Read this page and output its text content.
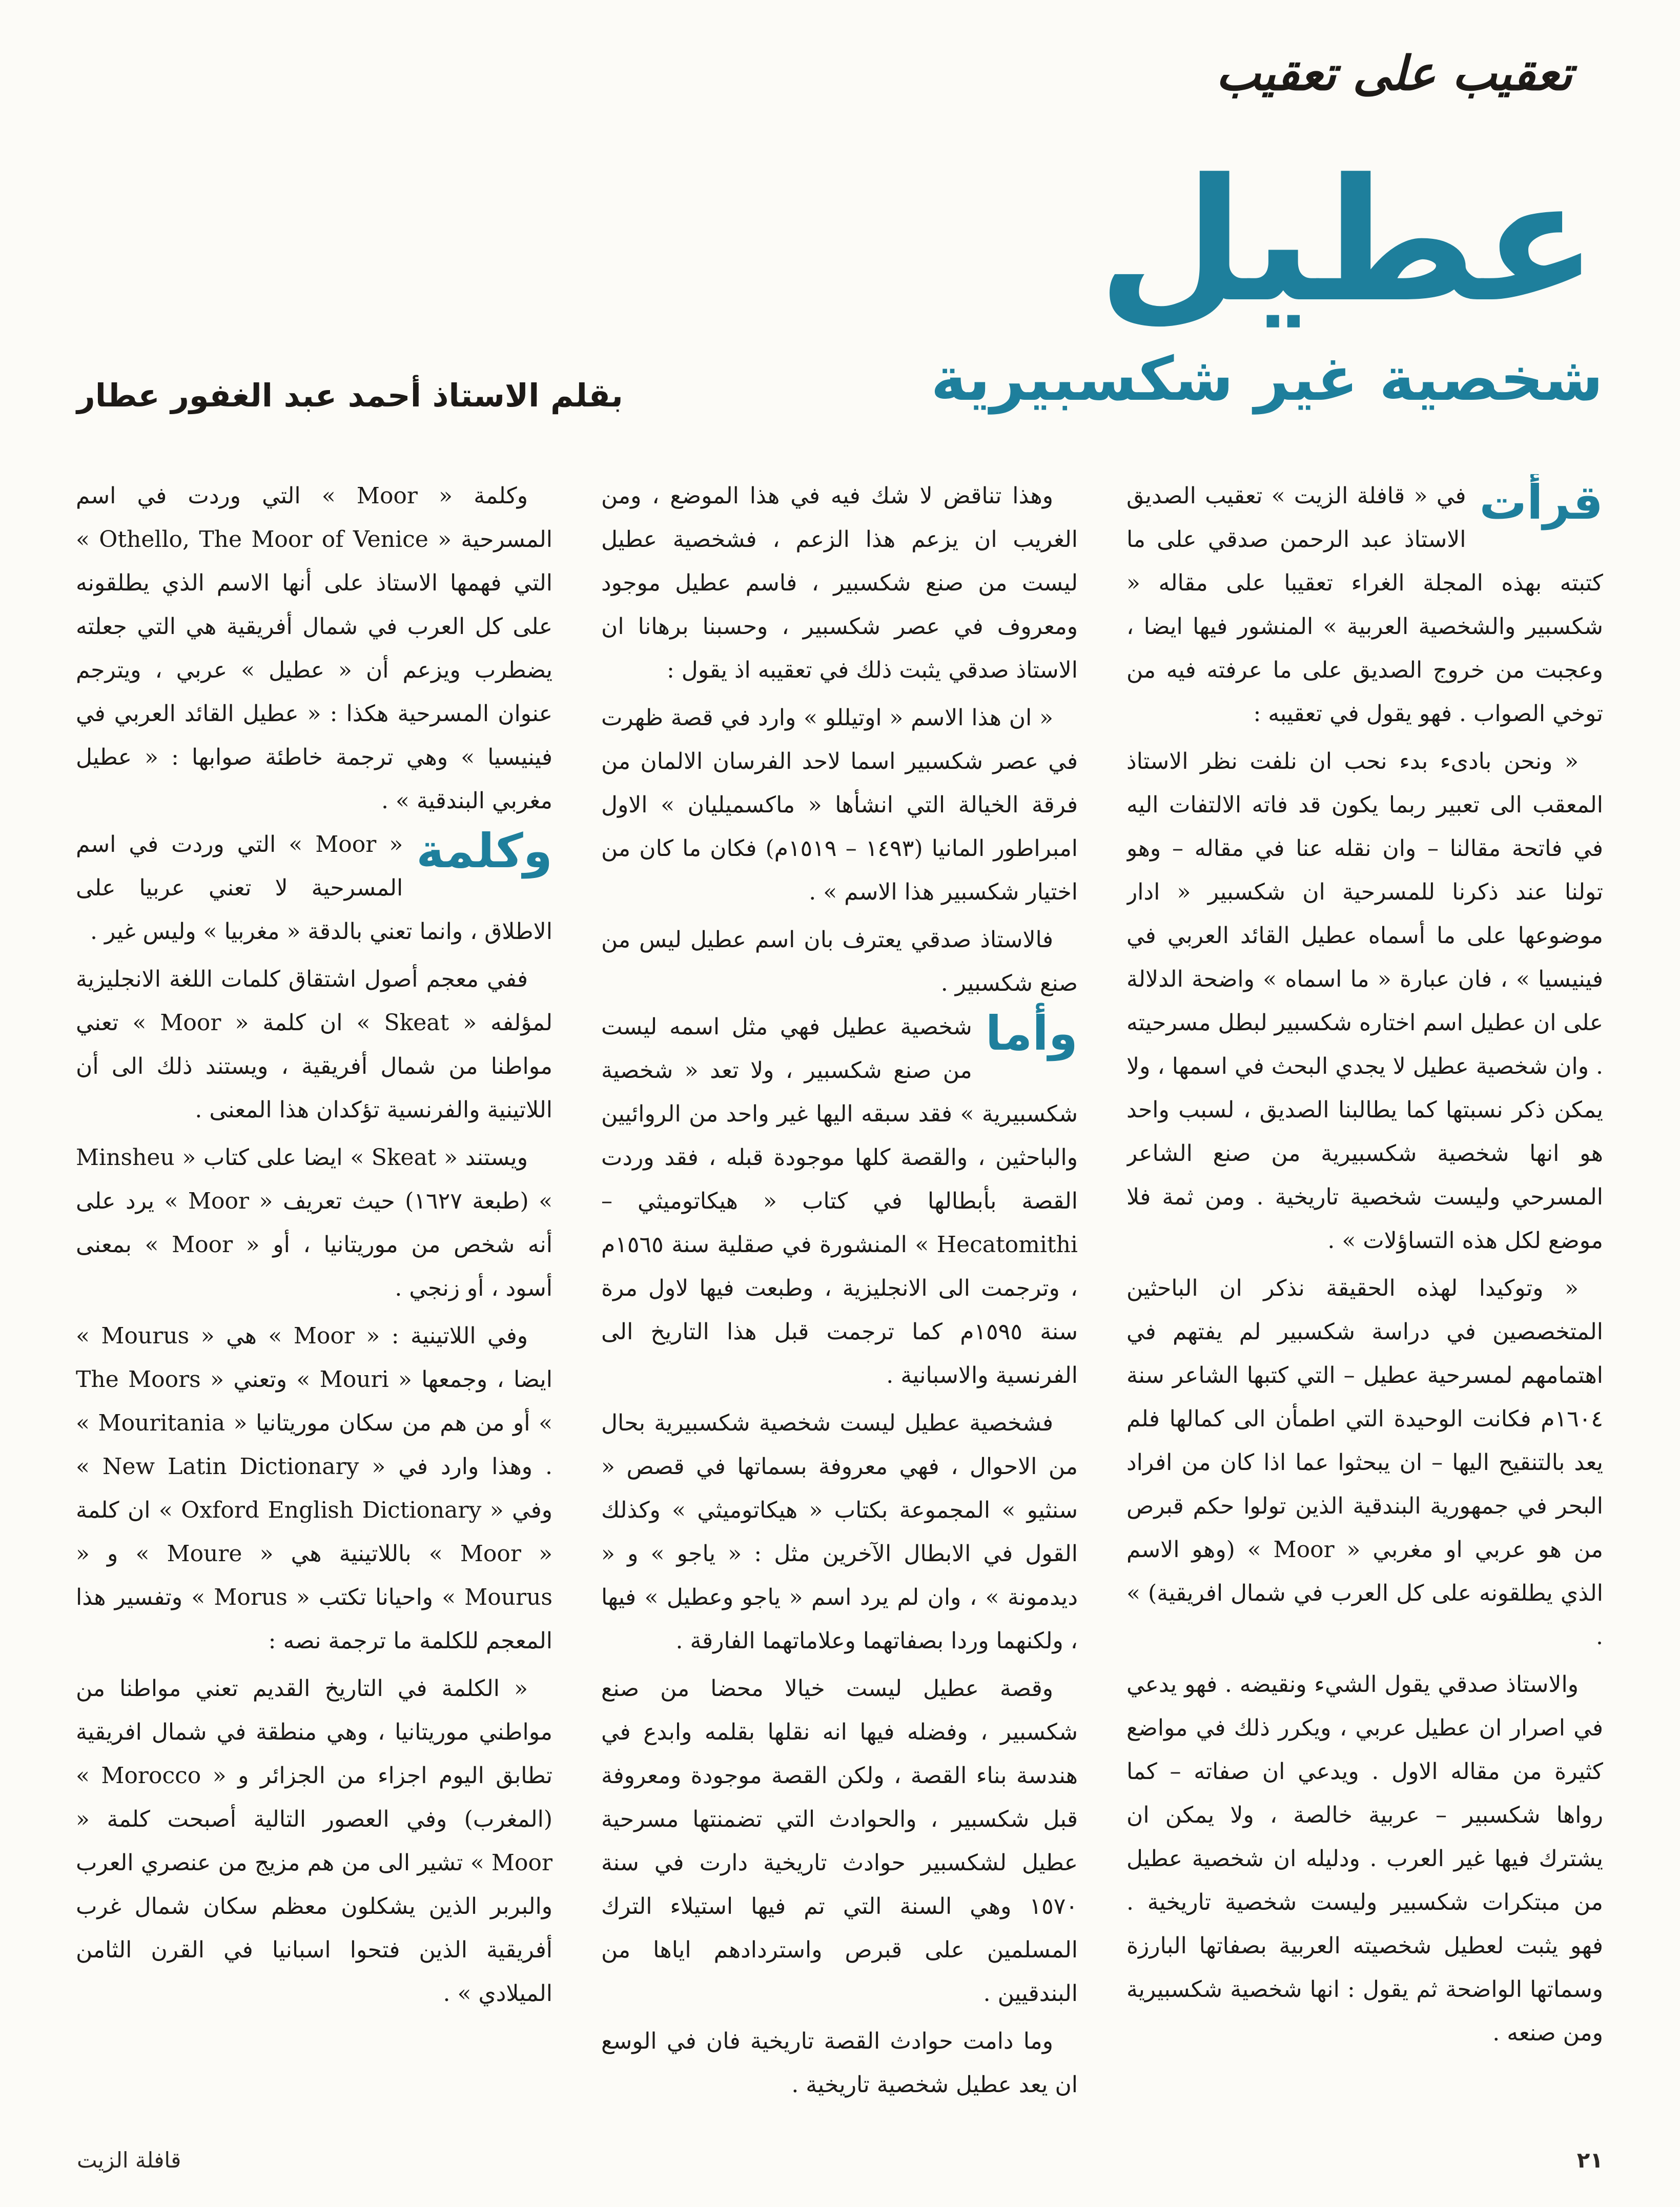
تعقيب على تعقيب
عطيل
شخصية غير شكسبيرية
بقلم الاستاذ أحمد عبد الغفور عطار
قرأت

في « قافلة الزيت » تعقيب الصديق الاستاذ عبد الرحمن صدقي على ما كتبته بهذه المجلة الغراء تعقيبا على مقاله « شكسبير والشخصية العربية » المنشور فيها ايضا ، وعجبت من خروج الصديق على ما عرفته فيه من توخي الصواب . فهو يقول في تعقيبه :

« ونحن بادىء بدء نحب ان نلفت نظر الاستاذ المعقب الى تعبير ربما يكون قد فاته الالتفات اليه في فاتحة مقالنا – وان نقله عنا في مقاله – وهو تولنا عند ذكرنا للمسرحية ان شكسبير « ادار موضوعها على ما أسماه عطيل القائد العربي في فينيسيا » ، فان عبارة « ما اسماه » واضحة الدلالة على ان عطيل اسم اختاره شكسبير لبطل مسرحيته . وان شخصية عطيل لا يجدي البحث في اسمها ، ولا يمكن ذكر نسبتها كما يطالبنا الصديق ، لسبب واحد هو انها شخصية شكسبيرية من صنع الشاعر المسرحي وليست شخصية تاريخية . ومن ثمة فلا موضع لكل هذه التساؤلات » .

« وتوكيدا لهذه الحقيقة نذكر ان الباحثين المتخصصين في دراسة شكسبير لم يفتهم في اهتمامهم لمسرحية عطيل – التي كتبها الشاعر سنة ١٦٠٤م فكانت الوحيدة التي اطمأن الى كمالها فلم يعد بالتنقيح اليها – ان يبحثوا عما اذا كان من افراد البحر في جمهورية البندقية الذين تولوا حكم قبرص من هو عربي او مغربي « Moor » (وهو الاسم الذي يطلقونه على كل العرب في شمال افريقية) » .

والاستاذ صدقي يقول الشيء ونقيضه . فهو يدعي في اصرار ان عطيل عربي ، ويكرر ذلك في مواضع كثيرة من مقاله الاول . ويدعي ان صفاته – كما رواها شكسبير – عربية خالصة ، ولا يمكن ان يشترك فيها غير العرب . ودليله ان شخصية عطيل من مبتكرات شكسبير وليست شخصية تاريخية . فهو يثبت لعطيل شخصيته العربية بصفاتها البارزة وسماتها الواضحة ثم يقول : انها شخصية شكسبيرية ومن صنعه .

وهذا تناقض لا شك فيه في هذا الموضع ، ومن الغريب ان يزعم هذا الزعم ، فشخصية عطيل ليست من صنع شكسبير ، فاسم عطيل موجود ومعروف في عصر شكسبير ، وحسبنا برهانا ان الاستاذ صدقي يثبت ذلك في تعقيبه اذ يقول :

« ان هذا الاسم « اوتيللو » وارد في قصة ظهرت في عصر شكسبير اسما لاحد الفرسان الالمان من فرقة الخيالة التي انشأها « ماكسميليان » الاول امبراطور المانيا (١٤٩٣ – ١٥١٩م) فكان ما كان من اختيار شكسبير هذا الاسم » .

فالاستاذ صدقي يعترف بان اسم عطيل ليس من صنع شكسبير .

وأما

شخصية عطيل فهي مثل اسمه ليست من صنع شكسبير ، ولا تعد « شخصية شكسبيرية » فقد سبقه اليها غير واحد من الروائيين والباحثين ، والقصة كلها موجودة قبله ، فقد وردت القصة بأبطالها في كتاب « هيكاتوميثي – Hecatomithi » المنشورة في صقلية سنة ١٥٦٥م ، وترجمت الى الانجليزية ، وطبعت فيها لاول مرة سنة ١٥٩٥م كما ترجمت قبل هذا التاريخ الى الفرنسية والاسبانية .

فشخصية عطيل ليست شخصية شكسبيرية بحال من الاحوال ، فهي معروفة بسماتها في قصص « سنثيو » المجموعة بكتاب « هيكاتوميثي » وكذلك القول في الابطال الآخرين مثل : « ياجو » و « ديدمونة » ، وان لم يرد اسم « ياجو وعطيل » فيها ، ولكنهما وردا بصفاتهما وعلاماتهما الفارقة .

وقصة عطيل ليست خيالا محضا من صنع شكسبير ، وفضله فيها انه نقلها بقلمه وابدع في هندسة بناء القصة ، ولكن القصة موجودة ومعروفة قبل شكسبير ، والحوادث التي تضمنتها مسرحية عطيل لشكسبير حوادث تاريخية دارت في سنة ١٥٧٠ وهي السنة التي تم فيها استيلاء الترك المسلمين على قبرص واستردادهم اياها من البندقيين .

وما دامت حوادث القصة تاريخية فان في الوسع ان يعد عطيل شخصية تاريخية .

وكلمة « Moor » التي وردت في اسم المسرحية « Othello, The Moor of Venice » التي فهمها الاستاذ على أنها الاسم الذي يطلقونه على كل العرب في شمال أفريقية هي التي جعلته يضطرب ويزعم أن « عطيل » عربي ، ويترجم عنوان المسرحية هكذا : « عطيل القائد العربي في فينيسيا » وهي ترجمة خاطئة صوابها : « عطيل مغربي البندقية » .

وكلمة

« Moor » التي وردت في اسم المسرحية لا تعني عربيا على الاطلاق ، وانما تعني بالدقة « مغربيا » وليس غير .

ففي معجم أصول اشتقاق كلمات اللغة الانجليزية لمؤلفه « Skeat » ان كلمة « Moor » تعني مواطنا من شمال أفريقية ، ويستند ذلك الى أن اللاتينية والفرنسية تؤكدان هذا المعنى .

ويستند « Skeat » ايضا على كتاب « Minsheu » (طبعة ١٦٢٧) حيث تعريف « Moor » يرد على أنه شخص من موريتانيا ، أو « Moor » بمعنى أسود ، أو زنجي .

وفي اللاتينية : « Moor » هي « Mourus » ايضا ، وجمعها « Mouri » وتعني « The Moors » أو من هم من سكان موريتانيا « Mouritania » . وهذا وارد في « New Latin Dictionary » وفي « Oxford English Dictionary » ان كلمة « Moor » باللاتينية هي « Moure » و « Mourus » واحيانا تكتب « Morus » وتفسير هذا المعجم للكلمة ما ترجمة نصه :

« الكلمة في التاريخ القديم تعني مواطنا من مواطني موريتانيا ، وهي منطقة في شمال افريقية تطابق اليوم اجزاء من الجزائر و « Morocco » (المغرب) وفي العصور التالية أصبحت كلمة « Moor » تشير الى من هم مزيج من عنصري العرب والبربر الذين يشكلون معظم سكان شمال غرب أفريقية الذين فتحوا اسبانيا في القرن الثامن الميلادي » .

٢١
قافلة الزيت
